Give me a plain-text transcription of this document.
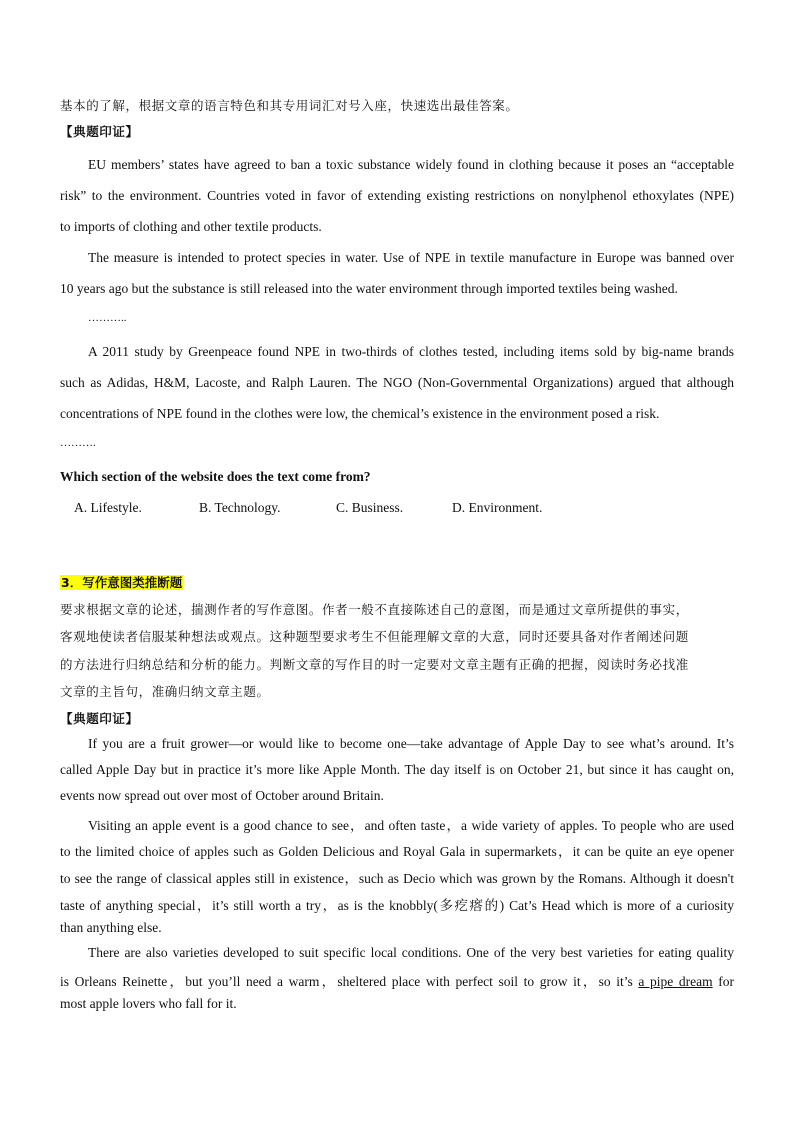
基本的了解，根据文章的语言特色和其专用词汇对号入座，快速选出最佳答案。
【典题印证】
EU members’ states have agreed to ban a toxic substance widely found in clothing because it poses an “acceptable
risk” to the environment. Countries voted in favor of extending existing restrictions on nonylphenol ethoxylates (NPE)
to imports of clothing and other textile products.
The measure is intended to protect species in water. Use of NPE in textile manufacture in Europe was banned over
10 years ago but the substance is still released into the water environment through imported textiles being washed.
………..
A 2011 study by Greenpeace found NPE in two-thirds of clothes tested, including items sold by big-name brands
such as Adidas, H&M, Lacoste, and Ralph Lauren. The NGO (Non-Governmental Organizations) argued that although
concentrations of NPE found in the clothes were low, the chemical’s existence in the environment posed a risk.
……….
Which section of the website does the text come from?
A. Lifestyle.	B. Technology.	C. Business.	D. Environment.
3．写作意图类推断题
要求根据文章的论述，揣测作者的写作意图。作者一般不直接陈述自己的意图，而是通过文章所提供的事实，
客观地使读者信服某种想法或观点。这种题型要求考生不但能理解文章的大意，同时还要具备对作者阐述问题
的方法进行归纳总结和分析的能力。判断文章的写作目的时一定要对文章主题有正确的把握，阅读时务必找准
文章的主旨句，准确归纳文章主题。
【典题印证】
If you are a fruit grower—or would like to become one—take advantage of Apple Day to see what’s around. It’s
called Apple Day but in practice it’s more like Apple Month. The day itself is on October 21, but since it has caught on,
events now spread out over most of October around Britain.
Visiting an apple event is a good chance to see，and often taste，a wide variety of apples. To people who are used
to the limited choice of apples such as Golden Delicious and Royal Gala in supermarkets，it can be quite an eye opener
to see the range of classical apples still in existence，such as Decio which was grown by the Romans. Although it doesn't
taste of anything special，it’s still worth a try，as is the knobbly(多疙瘩的) Cat’s Head which is more of a curiosity
than anything else.
There are also varieties developed to suit specific local conditions. One of the very best varieties for eating quality
is Orleans Reinette，but you’ll need a warm，sheltered place with perfect soil to grow it，so it’s a pipe dream for
most apple lovers who fall for it.
